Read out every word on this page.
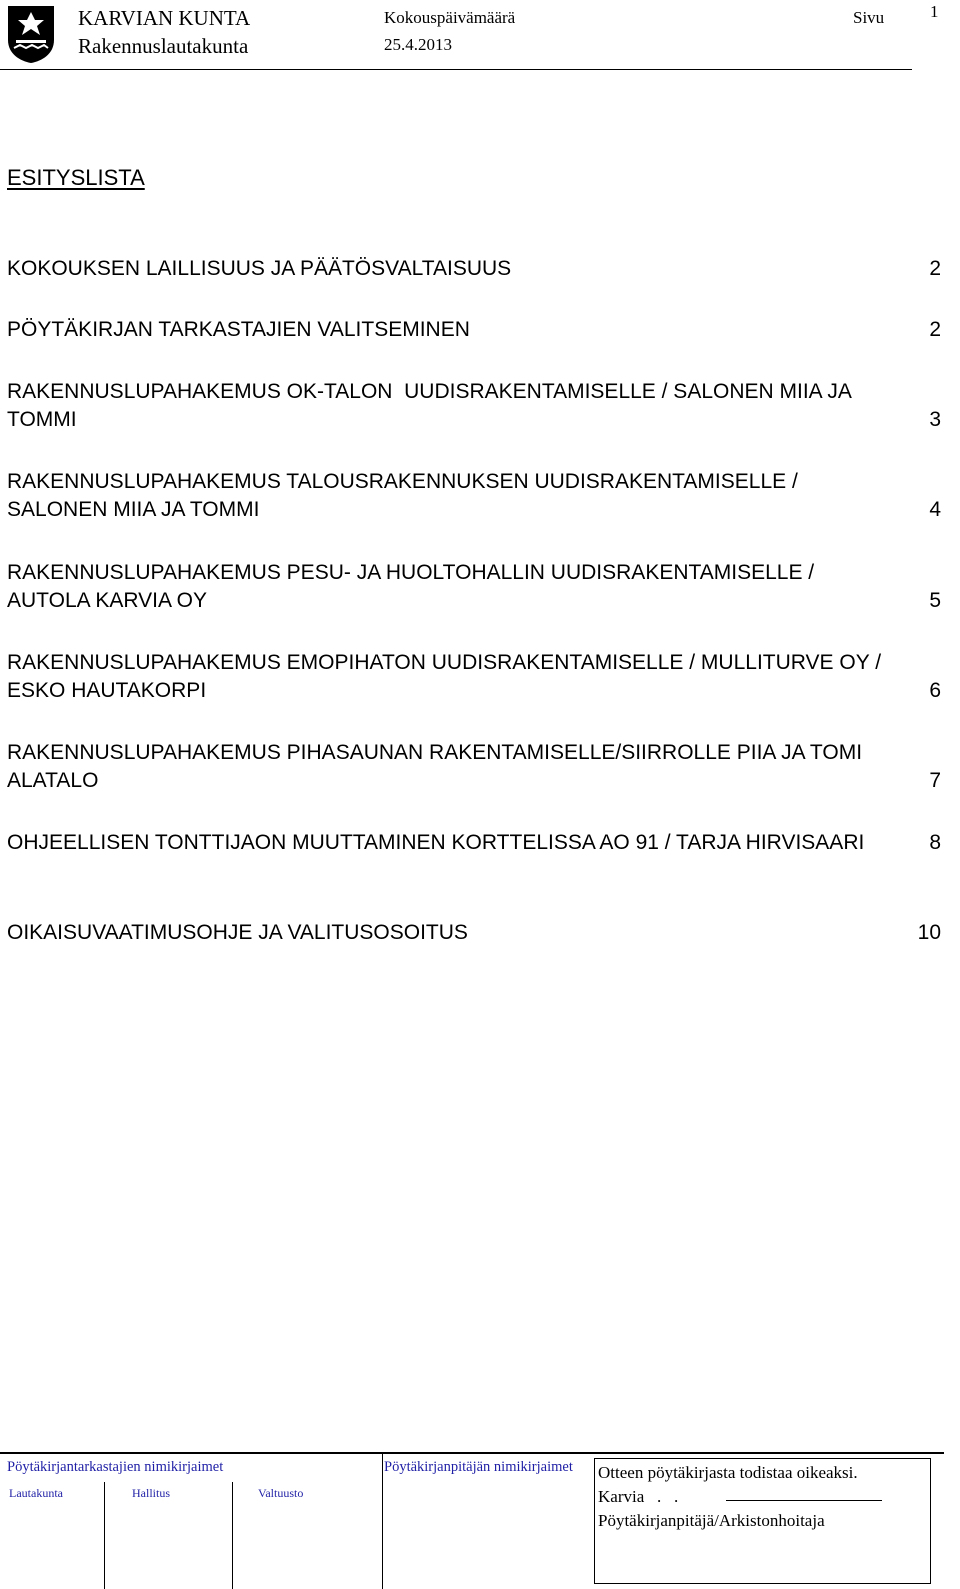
KARVIAN KUNTA
Rakennuslautakunta
Kokouspäivämäärä
25.4.2013
Sivu	1
ESITYSLISTA
KOKOUKSEN LAILLISUUS JA PÄÄTÖSVALTAISUUS	2
PÖYTÄKIRJAN TARKASTAJIEN VALITSEMINEN	2
RAKENNUSLUPAHAKEMUS OK-TALON  UUDISRAKENTAMISELLE / SALONEN MIIA JA TOMMI	3
RAKENNUSLUPAHAKEMUS TALOUSRAKENNUKSEN UUDISRAKENTAMISELLE / SALONEN MIIA JA TOMMI	4
RAKENNUSLUPAHAKEMUS PESU- JA HUOLTOHALLIN UUDISRAKENTAMISELLE / AUTOLA KARVIA OY	5
RAKENNUSLUPAHAKEMUS EMOPIHATON UUDISRAKENTAMISELLE / MULLITURVE OY / ESKO HAUTAKORPI	6
RAKENNUSLUPAHAKEMUS PIHASAUNAN RAKENTAMISELLE/SIIRROLLE PIIA JA TOMI ALATALO	7
OHJEELLISEN TONTTIJAON MUUTTAMINEN KORTTELISSA AO 91 / TARJA HIRVISAARI	8
OIKAISUVAATIMUSOHJE JA VALITUSOSOITUS	10
Pöytäkirjantarkastajien nimikirjaimet	Pöytäkirjanpitäjän nimikirjaimet
Lautakunta	Hallitus	Valtuusto
Otteen pöytäkirjasta todistaa oikeaksi.
Karvia   .   .
Pöytäkirjanpitäjä/Arkistonhoitaja
